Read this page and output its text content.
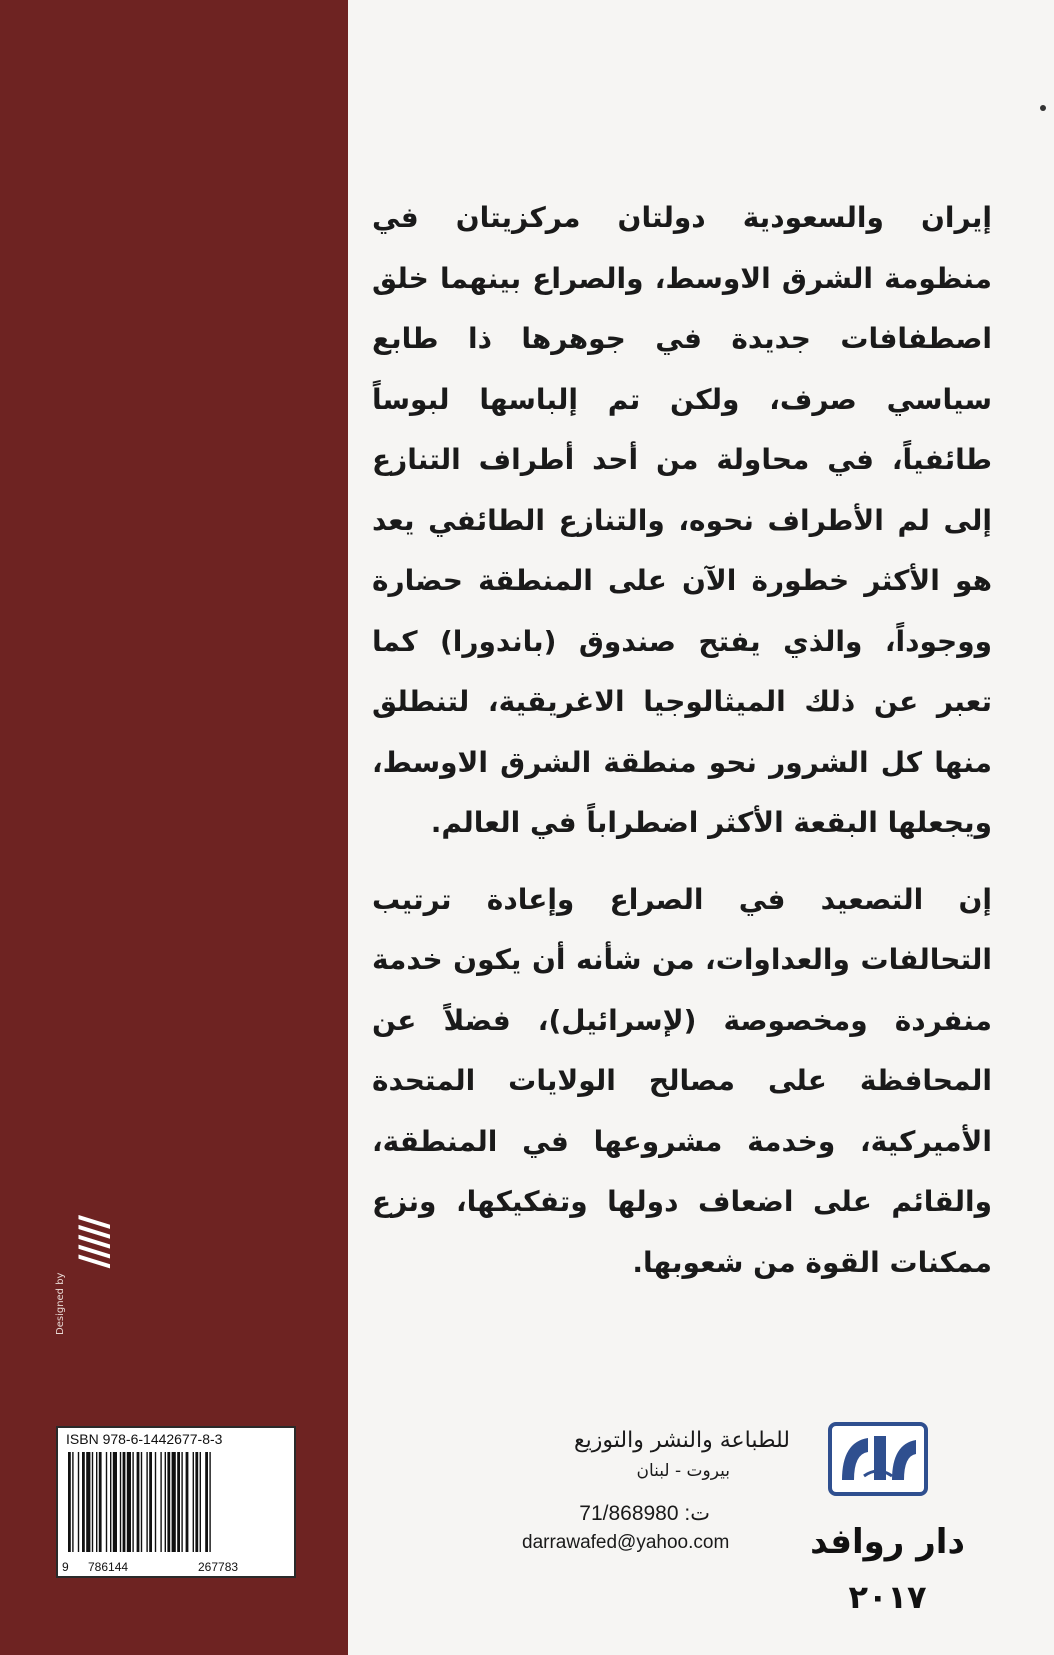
إيران والسعودية دولتان مركزيتان في منظومة الشرق الاوسط، والصراع بينهما خلق اصطفافات جديدة في جوهرها ذا طابع سياسي صرف، ولكن تم إلباسها لبوساً طائفياً، في محاولة من أحد أطراف التنازع إلى لم الأطراف نحوه، والتنازع الطائفي يعد هو الأكثر خطورة الآن على المنطقة حضارة ووجوداً، والذي يفتح صندوق (باندورا) كما تعبر عن ذلك الميثالوجيا الاغريقية، لتنطلق منها كل الشرور نحو منطقة الشرق الاوسط، ويجعلها البقعة الأكثر اضطراباً في العالم.

إن التصعيد في الصراع وإعادة ترتيب التحالفات والعداوات، من شأنه أن يكون خدمة منفردة ومخصوصة (لإسرائيل)، فضلاً عن المحافظة على مصالح الولايات المتحدة الأميركية، وخدمة مشروعها في المنطقة، والقائم على اضعاف دولها وتفكيكها، ونزع ممكنات القوة من شعوبها.

Designed by
/////
ISBN 978-6-1442677-8-3
9 786144	267783
للطباعة والنشر والتوزيع
بيروت - لبنان
ت: 71/868980
darrawafed@yahoo.com	دار روافد
٢٠١٧
